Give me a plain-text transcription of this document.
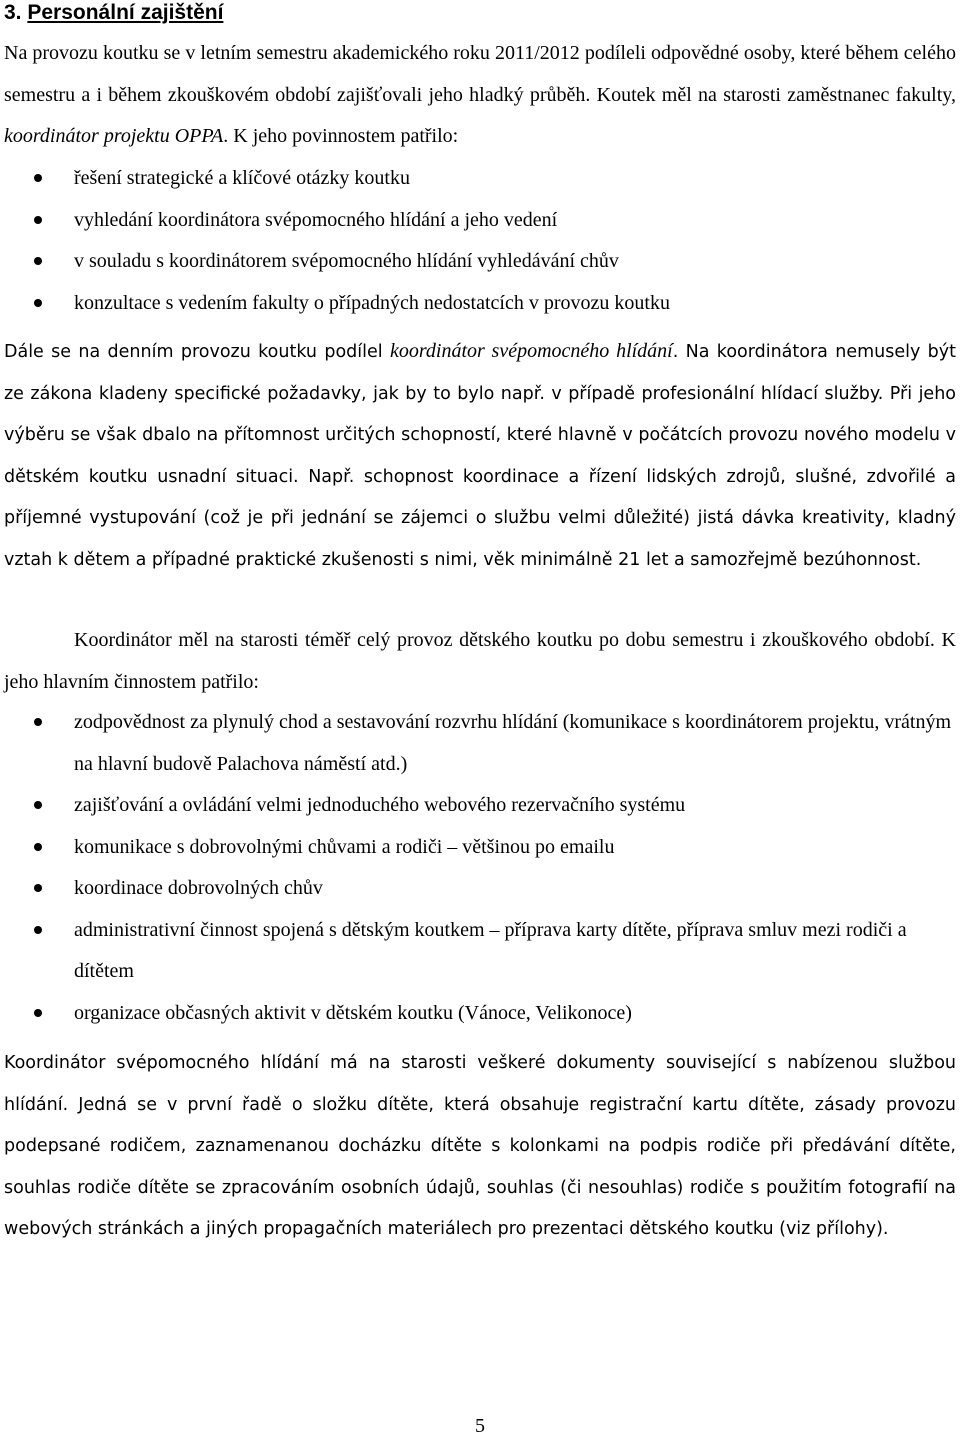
3. Personální zajištění

Na provozu koutku se v letním semestru akademického roku 2011/2012 podíleli odpovědné osoby, které během celého semestru a i během zkouškovém období zajišťovali jeho hladký průběh. Koutek měl na starosti zaměstnanec fakulty, koordinátor projektu OPPA. K jeho povinnostem patřilo:

řešení strategické a klíčové otázky koutku
vyhledání koordinátora svépomocného hlídání a jeho vedení
v souladu s koordinátorem svépomocného hlídání vyhledávání chův
konzultace s vedením fakulty o případných nedostatcích v provozu koutku

Dále se na denním provozu koutku podílel koordinátor svépomocného hlídání. Na koordinátora nemusely být ze zákona kladeny specifické požadavky, jak by to bylo např. v případě profesionální hlídací služby. Při jeho výběru se však dbalo na přítomnost určitých schopností, které hlavně v počátcích provozu nového modelu v dětském koutku usnadní situaci. Např. schopnost koordinace a řízení lidských zdrojů, slušné, zdvořilé a příjemné vystupování (což je při jednání se zájemci o službu velmi důležité) jistá dávka kreativity, kladný vztah k dětem a případné praktické zkušenosti s nimi, věk minimálně 21 let a samozřejmě bezúhonnost.

Koordinátor měl na starosti téměř celý provoz dětského koutku po dobu semestru i zkouškového období. K jeho hlavním činnostem patřilo:

zodpovědnost za plynulý chod a sestavování rozvrhu hlídání (komunikace s koordinátorem projektu, vrátným na hlavní budově Palachova náměstí atd.)
zajišťování a ovládání velmi jednoduchého webového rezervačního systému
komunikace s dobrovolnými chůvami a rodiči – většinou po emailu
koordinace dobrovolných chův
administrativní činnost spojená s dětským koutkem – příprava karty dítěte, příprava smluv mezi rodiči a dítětem
organizace občasných aktivit v dětském koutku (Vánoce, Velikonoce)

Koordinátor svépomocného hlídání má na starosti veškeré dokumenty související s nabízenou službou hlídání. Jedná se v první řadě o složku dítěte, která obsahuje registrační kartu dítěte, zásady provozu podepsané rodičem, zaznamenanou docházku dítěte s kolonkami na podpis rodiče při předávání dítěte, souhlas rodiče dítěte se zpracováním osobních údajů, souhlas (či nesouhlas) rodiče s použitím fotografií na webových stránkách a jiných propagačních materiálech pro prezentaci dětského koutku (viz přílohy).

5
